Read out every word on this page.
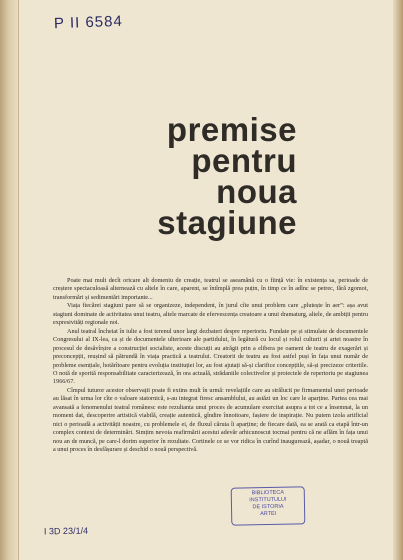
P II 6584
premise
pentru
noua
stagiune

Poate mai mult decît oricare alt domeniu de creație, teatrul se aseamănă cu o ființă vie: în existența sa, perioade de creștere spectaculoasă alternează cu altele în care, aparent, se întîmplă prea puțin, în timp ce în adînc se petrec, fără zgomot, transformări și sedimentări importante...

Viața fiecărei stagiuni pare să se organizeze, independent, în jurul cîte unui problem care „plutește în aer”: așa avut stagiuni dominate de activitatea unui teatru, altele marcate de efervescența creatoare a unui dramaturg, altele, de ambiții pentru expresivități regionale noi.

Anul teatral încheiat în iulie a fost terenul unor largi dezbateri despre repertoriu. Fundate pe și stimulate de documentele Congresului al IX-lea, ca și de documentele ulterioare ale partidului, în legătură cu locul și rolul culturii și artei noastre în procesul de desăvîrșire a construcției socialiste, aceste discuții au atrăgit prin a elibera pe oameni de teatru de exagerări și preconcepții, reușind să pătrundă în viața practică a teatrului. Creatorii de teatru au fost astfel puși în fața unui număr de probleme esențiale, hotărîtoare pentru evoluția instituției lor, au fost ajutați să-și clarifice concepțiile, să-și precizeze criteriile. O notă de sporită responsabilitate caracterizează, în ora actuală, strădaniile colectivelor și proiectele de repertoriu pe stagiunea 1966/67.

Cîmpul tuturor acestor observații poate fi extins mult în urmă: revelațiile care au strălucit pe firmamentul unei perioade au lăsat în urma lor cîte o valoare statornică, s-au integrat firesc ansamblului, au astăzi un loc care le aparține. Partea cea mai avansată a fenomenului teatral românesc este rezultanta unui proces de acumulare exercitat asupra a tot ce a însemnat, la un moment dat, descoperire artistică viabilă, creație autentică, gîndire înnoitoare, fașiere de inspirație. Nu putem izola artificial nici o perioadă a activității noastre, cu problemele ei, de fluxul căruia îi aparține; de fiecare dată, ea se arată ca etapă într-un complex context de determinări. Simțim nevoia reafirmării acestui adevăr arhicunoscut tocmai pentru că ne aflăm în fața unui nou an de muncă, pe care-l dorim superior în rezultate. Cortinele ce se vor ridica în curînd inaugurează, așadar, o nouă treaptă a unui proces în desfășurare și deschid o nouă perspectivă.

BIBLIOTECA
INSTITUTULUI
DE ISTORIA
ARTEI
I 3D 23/1/4
